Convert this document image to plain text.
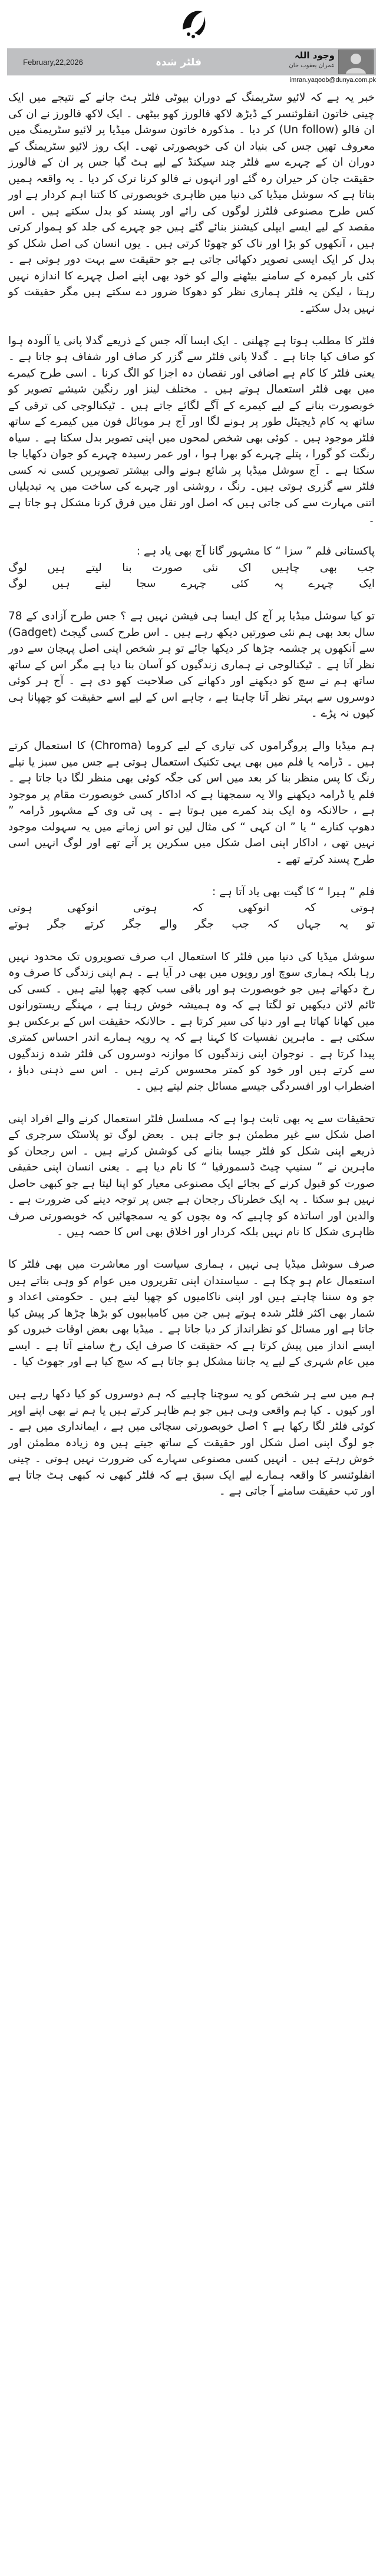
February,22,2026	فلٹر شدہ
وجود اللہ
عمران یعقوب خان
imran.yaqoob@dunya.com.pk

خبر یہ ہے کہ لائیو سٹریمنگ کے دوران بیوٹی فلٹر ہٹ جانے کے نتیجے میں ایک چینی خاتون انفلوئنسر کے ڈیڑھ لاکھ فالورز کھو بیٹھی ۔ ایک لاکھ فالورز نے ان کی ان فالو (Un follow) کر دیا ۔ مذکورہ خاتون سوشل میڈیا پر لائیو سٹریمنگ میں معروف تھیں جس کی بنیاد ان کی خوبصورتی تھی۔ ایک روز لائیو سٹریمنگ کے دوران ان کے چہرے سے فلٹر چند سیکنڈ کے لیے ہٹ گیا جس پر ان کے فالورز حقیقت جان کر حیران رہ گئے اور انہوں نے فالو کرنا ترک کر دیا ۔ یہ واقعہ ہمیں بتاتا ہے کہ سوشل میڈیا کی دنیا میں ظاہری خوبصورتی کا کتنا اہم کردار ہے اور کس طرح مصنوعی فلٹرز لوگوں کی رائے اور پسند کو بدل سکتے ہیں ۔ اس مقصد کے لیے ایسے ایپلی کیشنز بنائے گئے ہیں جو چہرے کی جلد کو ہموار کرتی ہیں ، آنکھوں کو بڑا اور ناک کو چھوٹا کرتی ہیں ۔ یوں انسان کی اصل شکل کو بدل کر ایک ایسی تصویر دکھائی جاتی ہے جو حقیقت سے بہت دور ہوتی ہے ۔ کئی بار کیمرہ کے سامنے بیٹھنے والے کو خود بھی اپنے اصل چہرے کا اندازہ نہیں رہتا ، لیکن یہ فلٹر ہماری نظر کو دھوکا ضرور دے سکتے ہیں مگر حقیقت کو نہیں بدل سکتے۔

فلٹر کا مطلب ہوتا ہے چھلنی ۔ ایک ایسا آلہ جس کے ذریعے گدلا پانی یا آلودہ ہوا کو صاف کیا جاتا ہے ۔ گدلا پانی فلٹر سے گزر کر صاف اور شفاف ہو جاتا ہے ۔ یعنی فلٹر کا کام ہے اضافی اور نقصان دہ اجزا کو الگ کرنا ۔ اسی طرح کیمرے میں بھی فلٹر استعمال ہوتے ہیں ۔ مختلف لینز اور رنگین شیشے تصویر کو خوبصورت بنانے کے لیے کیمرے کے آگے لگائے جاتے ہیں ۔ ٹیکنالوجی کی ترقی کے ساتھ یہ کام ڈیجیٹل طور پر ہونے لگا اور آج ہر موبائل فون میں کیمرے کے ساتھ فلٹر موجود ہیں ۔ کوئی بھی شخص لمحوں میں اپنی تصویر بدل سکتا ہے ۔ سیاہ رنگت کو گورا ، پتلے چہرے کو بھرا ہوا ، اور عمر رسیدہ چہرے کو جوان دکھایا جا سکتا ہے ۔ آج سوشل میڈیا پر شائع ہونے والی بیشتر تصویریں کسی نہ کسی فلٹر سے گزری ہوتی ہیں۔ رنگ ، روشنی اور چہرے کی ساخت میں یہ تبدیلیاں اتنی مہارت سے کی جاتی ہیں کہ اصل اور نقل میں فرق کرنا مشکل ہو جاتا ہے ۔

پاکستانی فلم ” سزا “ کا مشہور گانا آج بھی یاد ہے :

جب بھی چاہیں اک نئی صورت بنا لیتے ہیں لوگ

ایک چہرے پہ کئی چہرے سجا لیتے ہیں لوگ

تو کیا سوشل میڈیا پر آج کل ایسا ہی فیشن نہیں ہے ؟ جس طرح آزادی کے 78 سال بعد بھی ہم نئی صورتیں دیکھ رہے ہیں ۔ اس طرح کسی گیجٹ (Gadget) سے آنکھوں پر چشمہ چڑھا کر دیکھا جائے تو ہر شخص اپنی اصل پہچان سے دور نظر آتا ہے ۔ ٹیکنالوجی نے ہماری زندگیوں کو آسان بنا دیا ہے مگر اس کے ساتھ ساتھ ہم نے سچ کو دیکھنے اور دکھانے کی صلاحیت کھو دی ہے ۔ آج ہر کوئی دوسروں سے بہتر نظر آنا چاہتا ہے ، چاہے اس کے لیے اسے حقیقت کو چھپانا ہی کیوں نہ پڑے ۔

ہم میڈیا والے پروگراموں کی تیاری کے لیے کروما (Chroma) کا استعمال کرتے ہیں ۔ ڈرامہ یا فلم میں بھی یہی تکنیک استعمال ہوتی ہے جس میں سبز یا نیلے رنگ کا پس منظر بنا کر بعد میں اس کی جگہ کوئی بھی منظر لگا دیا جاتا ہے ۔ فلم یا ڈرامہ دیکھنے والا یہ سمجھتا ہے کہ اداکار کسی خوبصورت مقام پر موجود ہے ، حالانکہ وہ ایک بند کمرے میں ہوتا ہے ۔ پی ٹی وی کے مشہور ڈرامہ ” دھوپ کنارے “ یا ” ان کہی “ کی مثال لیں تو اس زمانے میں یہ سہولت موجود نہیں تھی ، اداکار اپنی اصل شکل میں سکرین پر آتے تھے اور لوگ انہیں اسی طرح پسند کرتے تھے ۔

فلم ” ہیرا “ کا گیت بھی یاد آتا ہے :

ہوتی کہ انوکھی کہ ہوتی انوکھی ہوتی

تو یہ جہاں کہ جب جگر والے جگر کرتے جگر ہوتے

سوشل میڈیا کی دنیا میں فلٹر کا استعمال اب صرف تصویروں تک محدود نہیں رہا بلکہ ہماری سوچ اور رویوں میں بھی در آیا ہے ۔ ہم اپنی زندگی کا صرف وہ رخ دکھاتے ہیں جو خوبصورت ہو اور باقی سب کچھ چھپا لیتے ہیں ۔ کسی کی ٹائم لائن دیکھیں تو لگتا ہے کہ وہ ہمیشہ خوش رہتا ہے ، مہنگے ریستورانوں میں کھانا کھاتا ہے اور دنیا کی سیر کرتا ہے ۔ حالانکہ حقیقت اس کے برعکس ہو سکتی ہے ۔ ماہرین نفسیات کا کہنا ہے کہ یہ رویہ ہمارے اندر احساس کمتری پیدا کرتا ہے ۔ نوجوان اپنی زندگیوں کا موازنہ دوسروں کی فلٹر شدہ زندگیوں سے کرتے ہیں اور خود کو کمتر محسوس کرتے ہیں ۔ اس سے ذہنی دباؤ ، اضطراب اور افسردگی جیسے مسائل جنم لیتے ہیں ۔

تحقیقات سے یہ بھی ثابت ہوا ہے کہ مسلسل فلٹر استعمال کرنے والے افراد اپنی اصل شکل سے غیر مطمئن ہو جاتے ہیں ۔ بعض لوگ تو پلاسٹک سرجری کے ذریعے اپنی شکل کو فلٹر جیسا بنانے کی کوشش کرتے ہیں ۔ اس رجحان کو ماہرین نے ” سنیپ چیٹ ڈسمورفیا “ کا نام دیا ہے ۔ یعنی انسان اپنی حقیقی صورت کو قبول کرنے کے بجائے ایک مصنوعی معیار کو اپنا لیتا ہے جو کبھی حاصل نہیں ہو سکتا ۔ یہ ایک خطرناک رجحان ہے جس پر توجہ دینے کی ضرورت ہے ۔ والدین اور اساتذہ کو چاہیے کہ وہ بچوں کو یہ سمجھائیں کہ خوبصورتی صرف ظاہری شکل کا نام نہیں بلکہ کردار اور اخلاق بھی اس کا حصہ ہیں ۔

صرف سوشل میڈیا ہی نہیں ، ہماری سیاست اور معاشرت میں بھی فلٹر کا استعمال عام ہو چکا ہے ۔ سیاستدان اپنی تقریروں میں عوام کو وہی بتاتے ہیں جو وہ سننا چاہتے ہیں اور اپنی ناکامیوں کو چھپا لیتے ہیں ۔ حکومتی اعداد و شمار بھی اکثر فلٹر شدہ ہوتے ہیں جن میں کامیابیوں کو بڑھا چڑھا کر پیش کیا جاتا ہے اور مسائل کو نظرانداز کر دیا جاتا ہے ۔ میڈیا بھی بعض اوقات خبروں کو ایسے انداز میں پیش کرتا ہے کہ حقیقت کا صرف ایک رخ سامنے آتا ہے ۔ ایسے میں عام شہری کے لیے یہ جاننا مشکل ہو جاتا ہے کہ سچ کیا ہے اور جھوٹ کیا ۔

ہم میں سے ہر شخص کو یہ سوچنا چاہیے کہ ہم دوسروں کو کیا دکھا رہے ہیں اور کیوں ۔ کیا ہم واقعی وہی ہیں جو ہم ظاہر کرتے ہیں یا ہم نے بھی اپنے اوپر کوئی فلٹر لگا رکھا ہے ؟ اصل خوبصورتی سچائی میں ہے ، ایمانداری میں ہے ۔ جو لوگ اپنی اصل شکل اور حقیقت کے ساتھ جیتے ہیں وہ زیادہ مطمئن اور خوش رہتے ہیں ۔ انہیں کسی مصنوعی سہارے کی ضرورت نہیں ہوتی ۔ چینی انفلوئنسر کا واقعہ ہمارے لیے ایک سبق ہے کہ فلٹر کبھی نہ کبھی ہٹ جاتا ہے اور تب حقیقت سامنے آ جاتی ہے ۔
